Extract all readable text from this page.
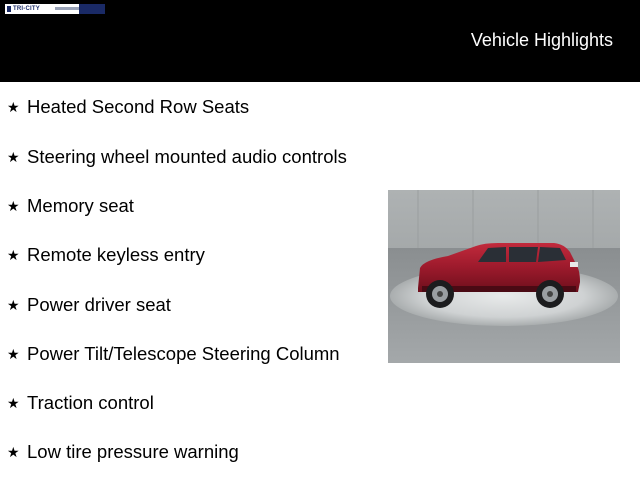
TRI-CITY
Vehicle Highlights
★ Heated Second Row Seats
★ Steering wheel mounted audio controls
★ Memory seat
★ Remote keyless entry
★ Power driver seat
★ Power Tilt/Telescope Steering Column
★ Traction control
★ Low tire pressure warning
